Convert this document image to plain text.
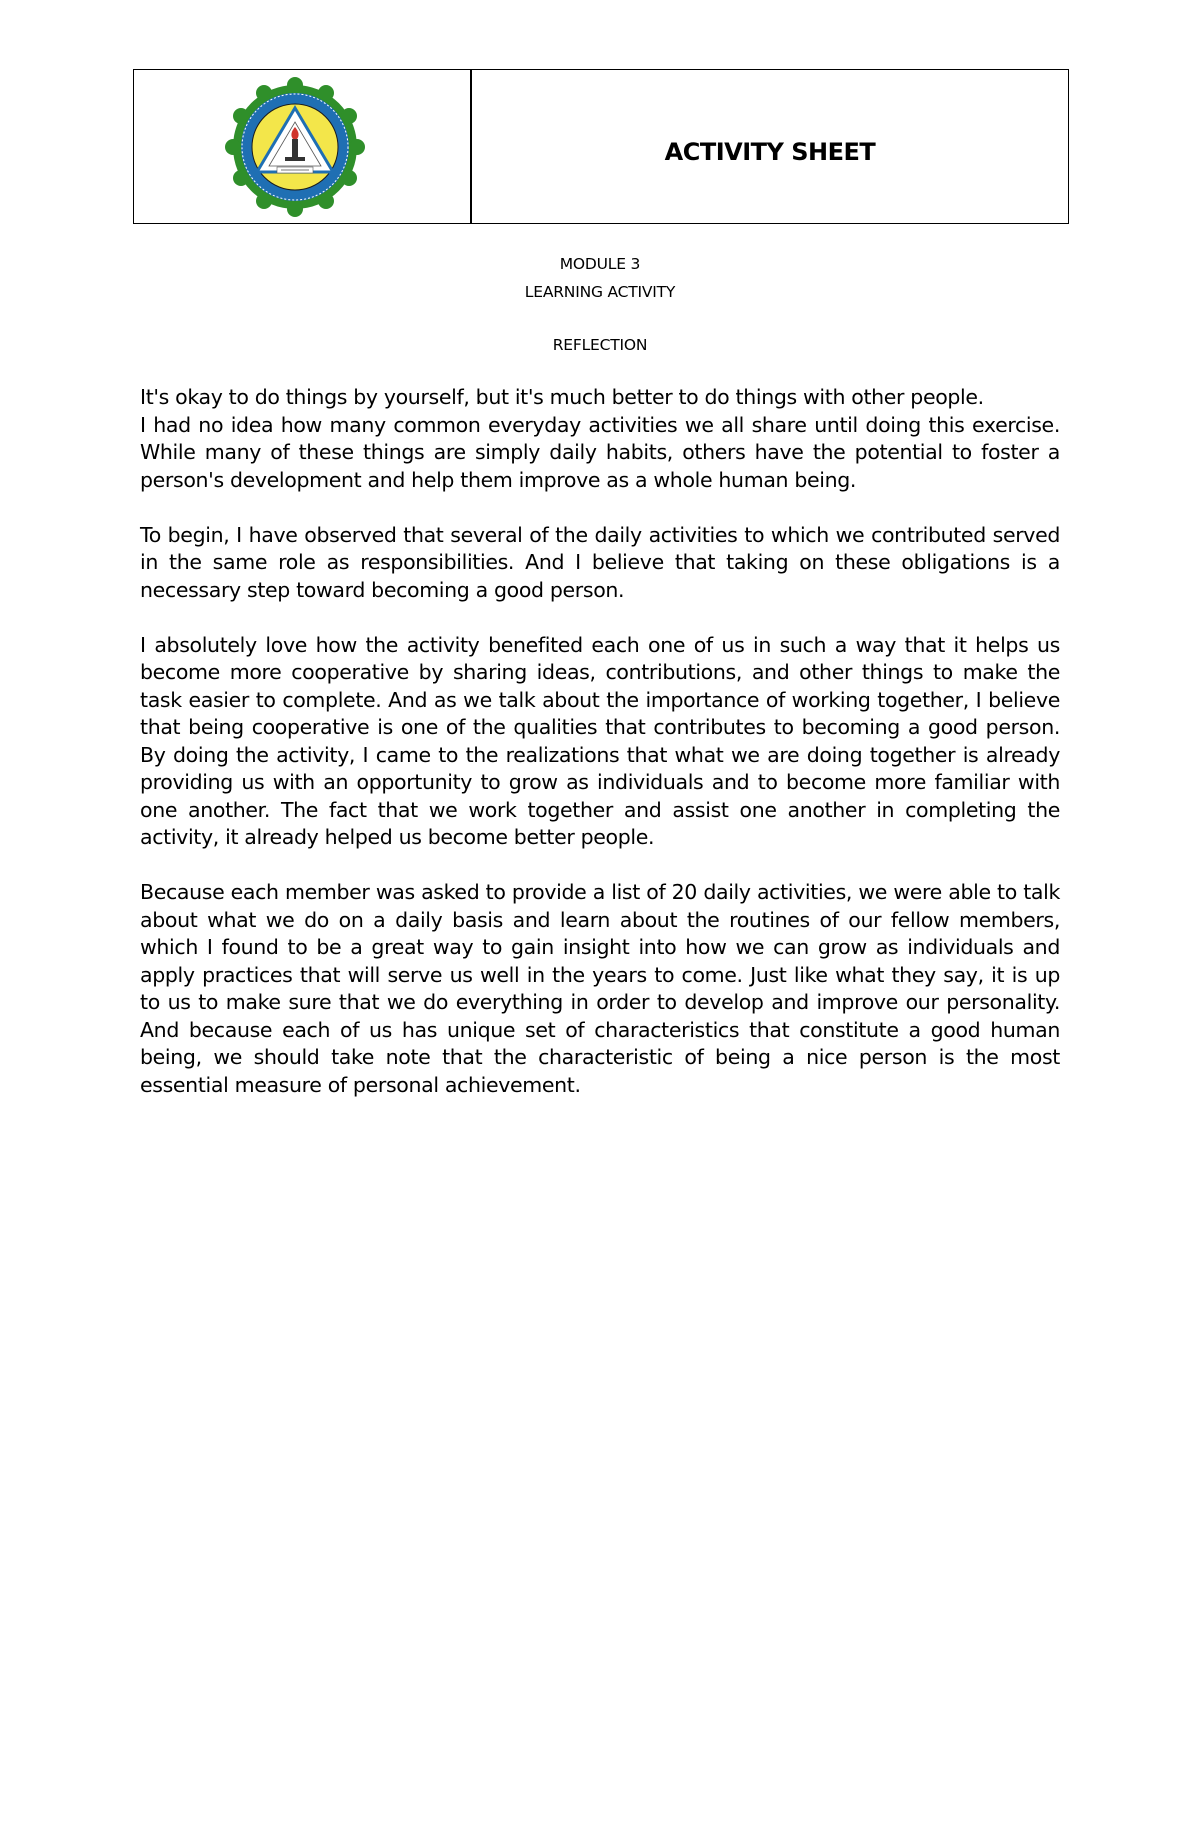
ACTIVITY SHEET
MODULE 3
LEARNING ACTIVITY
REFLECTION

It's okay to do things by yourself, but it's much better to do things with other people.

I had no idea how many common everyday activities we all share until doing this exercise. While many of these things are simply daily habits, others have the potential to foster a person's development and help them improve as a whole human being.

To begin, I have observed that several of the daily activities to which we contributed served in the same role as responsibilities. And I believe that taking on these obligations is a necessary step toward becoming a good person.

I absolutely love how the activity benefited each one of us in such a way that it helps us become more cooperative by sharing ideas, contributions, and other things to make the task easier to complete. And as we talk about the importance of working together, I believe that being cooperative is one of the qualities that contributes to becoming a good person. By doing the activity, I came to the realizations that what we are doing together is already providing us with an opportunity to grow as individuals and to become more familiar with one another. The fact that we work together and assist one another in completing the activity, it already helped us become better people.

Because each member was asked to provide a list of 20 daily activities, we were able to talk about what we do on a daily basis and learn about the routines of our fellow members, which I found to be a great way to gain insight into how we can grow as individuals and apply practices that will serve us well in the years to come. Just like what they say, it is up to us to make sure that we do everything in order to develop and improve our personality. And because each of us has unique set of characteristics that constitute a good human being, we should take note that the characteristic of being a nice person is the most essential measure of personal achievement.
